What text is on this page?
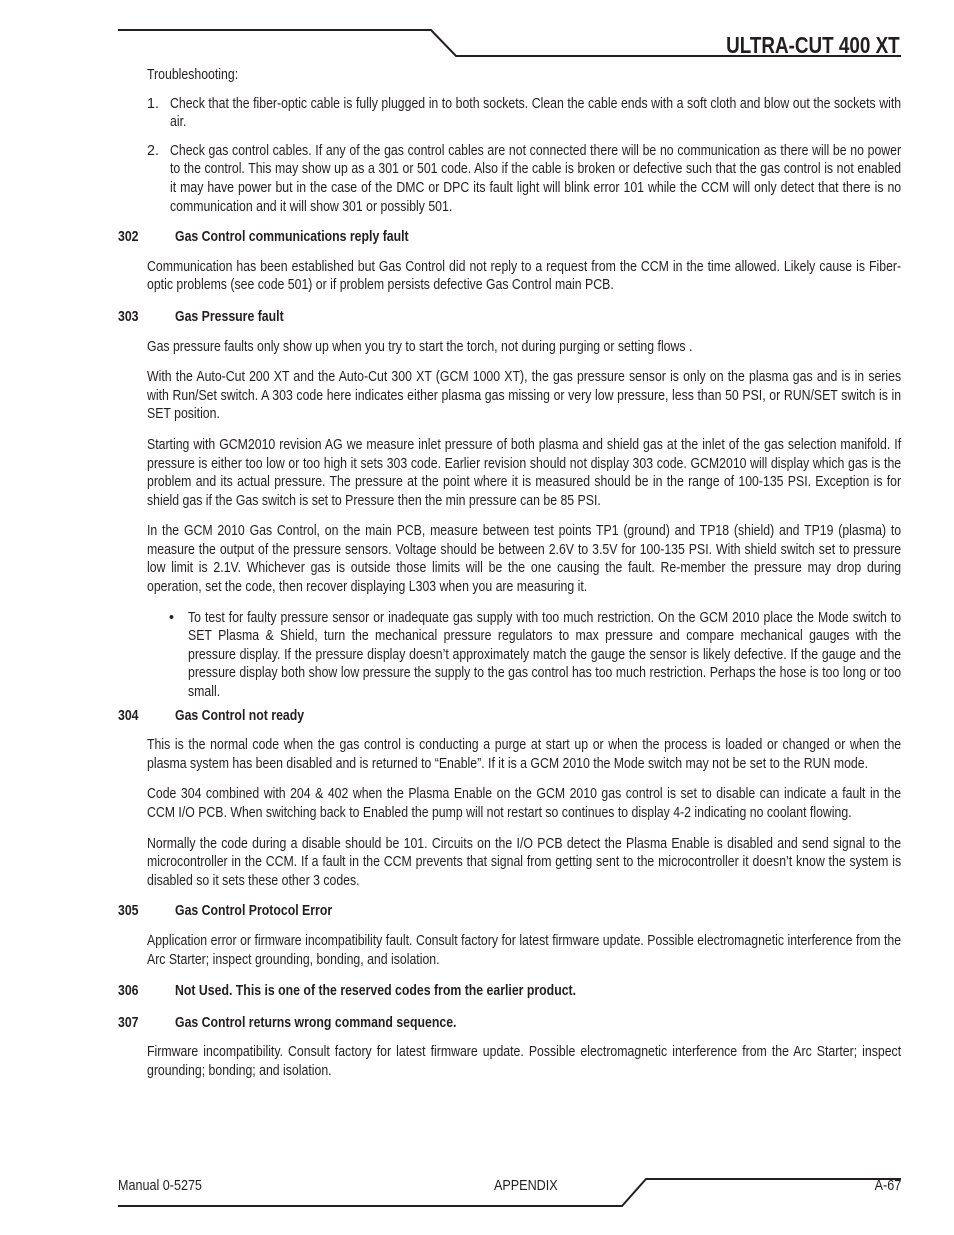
ULTRA-CUT 400 XT

Troubleshooting:

1. Check that the fiber-optic cable is fully plugged in to both sockets. Clean the cable ends with a soft cloth and blow out the sockets with air.

2. Check gas control cables. If any of the gas control cables are not connected there will be no communication as there will be no power to the control. This may show up as a 301 or 501 code. Also if the cable is broken or defective such that the gas control is not enabled it may have power but in the case of the DMC or DPC its fault light will blink error 101 while the CCM will only detect that there is no communication and it will show 301 or possibly 501.

302	Gas Control communications reply fault

Communication has been established but Gas Control did not reply to a request from the CCM in the time allowed. Likely cause is Fiber-optic problems (see code 501) or if problem persists defective Gas Control main PCB.

303	Gas Pressure fault

Gas pressure faults only show up when you try to start the torch, not during purging or setting flows .

With the Auto-Cut 200 XT and the Auto-Cut 300 XT (GCM 1000 XT), the gas pressure sensor is only on the plasma gas and is in series with Run/Set switch. A 303 code here indicates either plasma gas missing or very low pressure, less than 50 PSI, or RUN/SET switch is in SET position.

Starting with GCM2010 revision AG we measure inlet pressure of both plasma and shield gas at the inlet of the gas selection manifold. If pressure is either too low or too high it sets 303 code. Earlier revision should not display 303 code. GCM2010 will display which gas is the problem and its actual pressure. The pressure at the point where it is measured should be in the range of 100-135 PSI. Exception is for shield gas if the Gas switch is set to Pressure then the min pressure can be 85 PSI.

In the GCM 2010 Gas Control, on the main PCB, measure between test points TP1 (ground) and TP18 (shield) and TP19 (plasma) to measure the output of the pressure sensors. Voltage should be between 2.6V to 3.5V for 100-135 PSI. With shield switch set to pressure low limit is 2.1V. Whichever gas is outside those limits will be the one causing the fault. Re-member the pressure may drop during operation, set the code, then recover displaying L303 when you are measuring it.

• To test for faulty pressure sensor or inadequate gas supply with too much restriction. On the GCM 2010 place the Mode switch to SET Plasma & Shield, turn the mechanical pressure regulators to max pressure and compare mechanical gauges with the pressure display. If the pressure display doesn’t approximately match the gauge the sensor is likely defective. If the gauge and the pressure display both show low pressure the supply to the gas control has too much restriction. Perhaps the hose is too long or too small.

304	Gas Control not ready

This is the normal code when the gas control is conducting a purge at start up or when the process is loaded or changed or when the plasma system has been disabled and is returned to “Enable”. If it is a GCM 2010 the Mode switch may not be set to the RUN mode.

Code 304 combined with 204 & 402 when the Plasma Enable on the GCM 2010 gas control is set to disable can indicate a fault in the CCM I/O PCB. When switching back to Enabled the pump will not restart so continues to display 4-2 indicating no coolant flowing.

Normally the code during a disable should be 101. Circuits on the I/O PCB detect the Plasma Enable is disabled and send signal to the microcontroller in the CCM. If a fault in the CCM prevents that signal from getting sent to the microcontroller it doesn’t know the system is disabled so it sets these other 3 codes.

305	Gas Control Protocol Error

Application error or firmware incompatibility fault. Consult factory for latest firmware update. Possible electromagnetic interference from the Arc Starter; inspect grounding, bonding, and isolation.

306	Not Used. This is one of the reserved codes from the earlier product.
307	Gas Control returns wrong command sequence.

Firmware incompatibility. Consult factory for latest firmware update. Possible electromagnetic interference from the Arc Starter; inspect grounding; bonding; and isolation.

Manual 0-5275	APPENDIX	A-67
